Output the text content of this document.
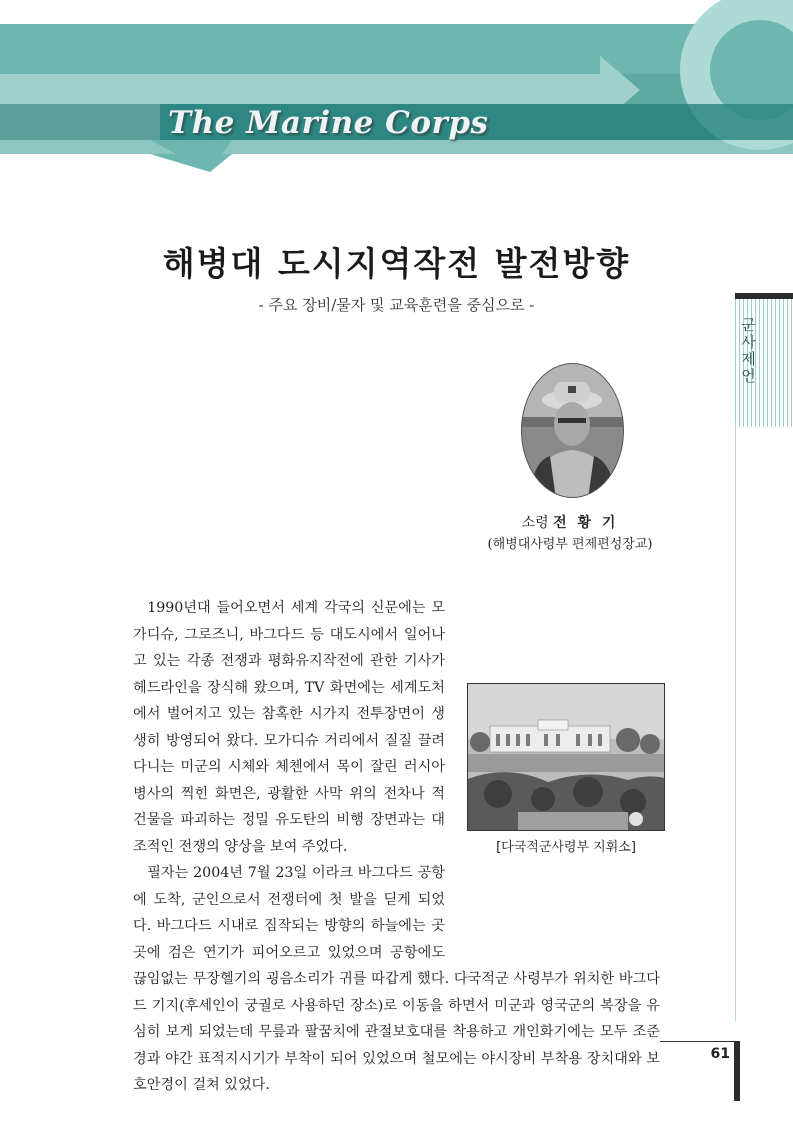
The Marine Corps
군사제언
해병대 도시지역작전 발전방향
- 주요 장비/물자 및 교육훈련을 중심으로 -
소령 전 황 기
(해병대사령부 편제편성장교)

1990년대 들어오면서 세계 각국의 신문에는 모가디슈, 그로즈니, 바그다드 등 대도시에서 일어나고 있는 각종 전쟁과 평화유지작전에 관한 기사가 헤드라인을 장식해 왔으며, TV 화면에는 세계도처에서 벌어지고 있는 참혹한 시가지 전투장면이 생생히 방영되어 왔다. 모가디슈 거리에서 질질 끌려다니는 미군의 시체와 체첸에서 목이 잘린 러시아 병사의 찍힌 화면은, 광활한 사막 위의 전차나 적 건물을 파괴하는 정밀 유도탄의 비행 장면과는 대조적인 전쟁의 양상을 보여 주었다.

필자는 2004년 7월 23일 이라크 바그다드 공항에 도착, 군인으로서 전쟁터에 첫 발을 딛게 되었다. 바그다드 시내로 짐작되는 방향의 하늘에는 곳곳에 검은 연기가 피어오르고 있었으며 공항에도 끊임없는 무장헬기의 굉음소리가 귀를 따갑게 했다. 다국적군 사령부가 위치한 바그다드 기지(후세인이 궁궐로 사용하던 장소)로 이동을 하면서 미군과 영국군의 복장을 유심히 보게 되었는데 무릎과 팔꿈치에 관절보호대를 착용하고 개인화기에는 모두 조준경과 야간 표적지시기가 부착이 되어 있었으며 철모에는 야시장비 부착용 장치대와 보호안경이 걸쳐 있었다.

[다국적군사령부 지휘소]
61
